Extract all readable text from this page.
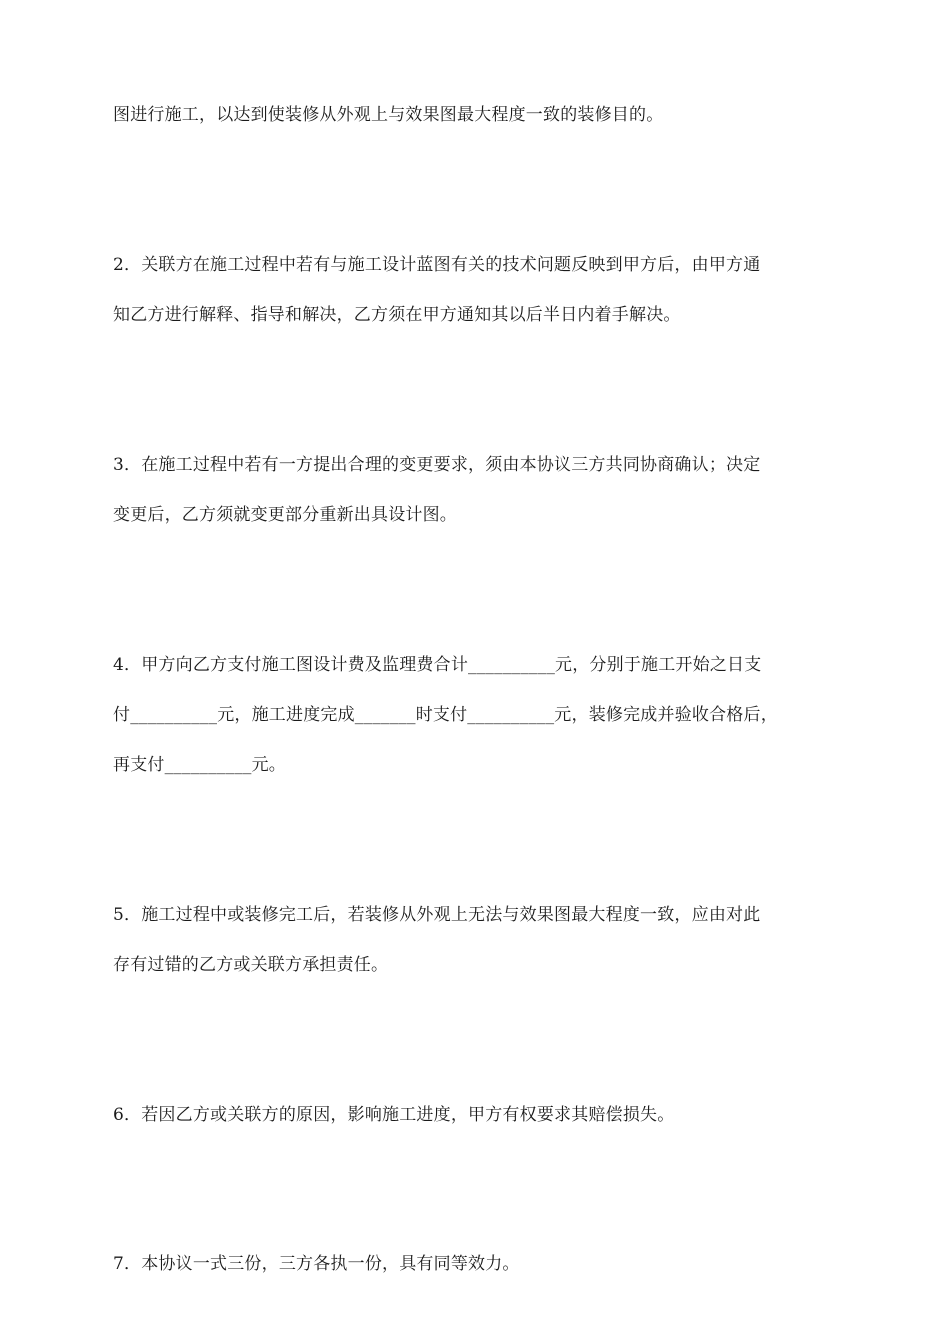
图进行施工，以达到使装修从外观上与效果图最大程度一致的装修目的。
2．关联方在施工过程中若有与施工设计蓝图有关的技术问题反映到甲方后，由甲方通
知乙方进行解释、指导和解决，乙方须在甲方通知其以后半日内着手解决。
3．在施工过程中若有一方提出合理的变更要求，须由本协议三方共同协商确认；决定
变更后，乙方须就变更部分重新出具设计图。
4．甲方向乙方支付施工图设计费及监理费合计__________元，分别于施工开始之日支
付__________元，施工进度完成_______时支付__________元，装修完成并验收合格后，
再支付__________元。
5．施工过程中或装修完工后，若装修从外观上无法与效果图最大程度一致，应由对此
存有过错的乙方或关联方承担责任。
6．若因乙方或关联方的原因，影响施工进度，甲方有权要求其赔偿损失。
7．本协议一式三份，三方各执一份，具有同等效力。
